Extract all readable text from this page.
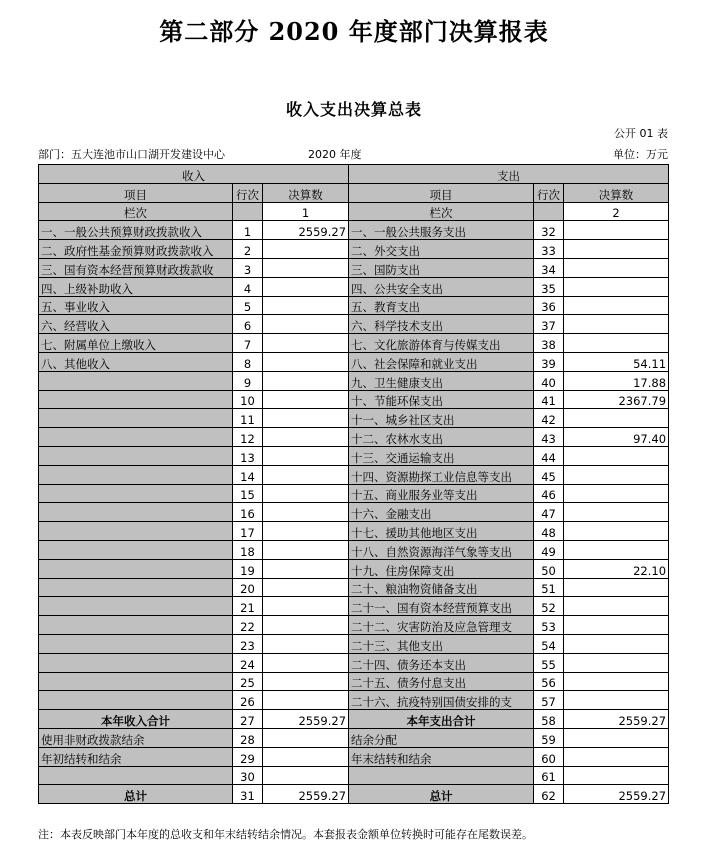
第二部分 2020 年度部门决算报表
收入支出决算总表
公开 01 表
部门：五大连池市山口湖开发建设中心	2020 年度	单位：万元
收入			支出		
项目	行次	决算数	项目	行次	决算数
栏次		1	栏次		2
一、一般公共预算财政拨款收入	1	2559.27	一、一般公共服务支出	32	
二、政府性基金预算财政拨款收入	2		二、外交支出	33	
三、国有资本经营预算财政拨款收	3		三、国防支出	34	
四、上级补助收入	4		四、公共安全支出	35	
五、事业收入	5		五、教育支出	36	
六、经营收入	6		六、科学技术支出	37	
七、附属单位上缴收入	7		七、文化旅游体育与传媒支出	38	
八、其他收入	8		八、社会保障和就业支出	39	54.11
	9		九、卫生健康支出	40	17.88
	10		十、节能环保支出	41	2367.79
	11		十一、城乡社区支出	42	
	12		十二、农林水支出	43	97.40
	13		十三、交通运输支出	44	
	14		十四、资源勘探工业信息等支出	45	
	15		十五、商业服务业等支出	46	
	16		十六、金融支出	47	
	17		十七、援助其他地区支出	48	
	18		十八、自然资源海洋气象等支出	49	
	19		十九、住房保障支出	50	22.10
	20		二十、粮油物资储备支出	51	
	21		二十一、国有资本经营预算支出	52	
	22		二十二、灾害防治及应急管理支	53	
	23		二十三、其他支出	54	
	24		二十四、债务还本支出	55	
	25		二十五、债务付息支出	56	
	26		二十六、抗疫特别国债安排的支	57	
本年收入合计	27	2559.27	本年支出合计	58	2559.27
使用非财政拨款结余	28		结余分配	59	
年初结转和结余	29		年末结转和结余	60	
	30			61	
总计	31	2559.27	总计	62	2559.27
注：本表反映部门本年度的总收支和年末结转结余情况。本套报表金额单位转换时可能存在尾数误差。
